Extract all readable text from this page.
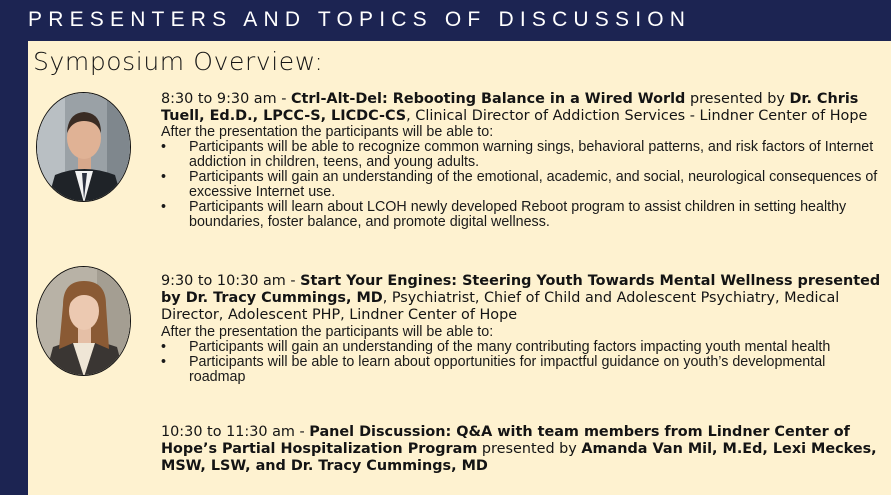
PRESENTERS AND TOPICS OF DISCUSSION
Symposium Overview:

8:30 to 9:30 am - Ctrl-Alt-Del: Rebooting Balance in a Wired World presented by Dr. Chris Tuell, Ed.D., LPCC-S, LICDC-CS, Clinical Director of Addiction Services - Lindner Center of Hope

After the presentation the participants will be able to:

• Participants will be able to recognize common warning sings, behavioral patterns, and risk factors of Internet addiction in children, teens, and young adults.
• Participants will gain an understanding of the emotional, academic, and social, neurological consequences of excessive Internet use.
• Participants will learn about LCOH newly developed Reboot program to assist children in setting healthy boundaries, foster balance, and promote digital wellness.

9:30 to 10:30 am - Start Your Engines: Steering Youth Towards Mental Wellness presented by Dr. Tracy Cummings, MD, Psychiatrist, Chief of Child and Adolescent Psychiatry, Medical Director, Adolescent PHP, Lindner Center of Hope

After the presentation the participants will be able to:

• Participants will gain an understanding of the many contributing factors impacting youth mental health
• Participants will be able to learn about opportunities for impactful guidance on youth’s developmental roadmap

10:30 to 11:30 am - Panel Discussion: Q&A with team members from Lindner Center of Hope’s Partial Hospitalization Program presented by Amanda Van Mil, M.Ed, Lexi Meckes, MSW, LSW, and Dr. Tracy Cummings, MD
